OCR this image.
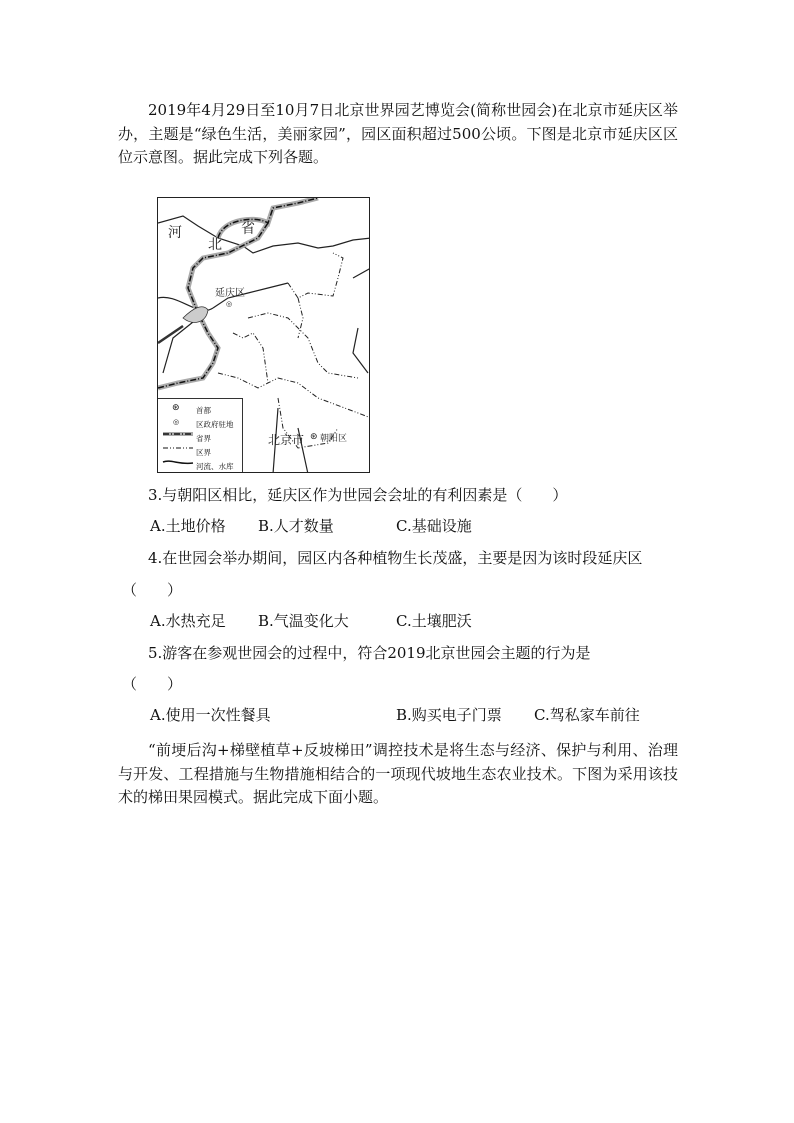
2019年4月29日至10月7日北京世界园艺博览会(简称世园会)在北京市延庆区举办，主题是“绿色生活，美丽家园”，园区面积超过500公顷。下图是北京市延庆区区位示意图。据此完成下列各题。
河
北
省
延庆区
◎
北京市 ⊛ 朝阳区
⊛ 首都
◎ 区政府驻地
省界
区界
河流、水库
3.与朝阳区相比，延庆区作为世园会会址的有利因素是（　　）
A.土地价格 B.人才数量	C.基础设施
4.在世园会举办期间，园区内各种植物生长茂盛，主要是因为该时段延庆区
（　　）
A.水热充足 B.气温变化大	C.土壤肥沃
5.游客在参观世园会的过程中，符合2019北京世园会主题的行为是
（　　）
A.使用一次性餐具	B.购买电子门票 C.驾私家车前往
“前埂后沟+梯壁植草+反坡梯田”调控技术是将生态与经济、保护与利用、治理与开发、工程措施与生物措施相结合的一项现代坡地生态农业技术。下图为采用该技术的梯田果园模式。据此完成下面小题。
